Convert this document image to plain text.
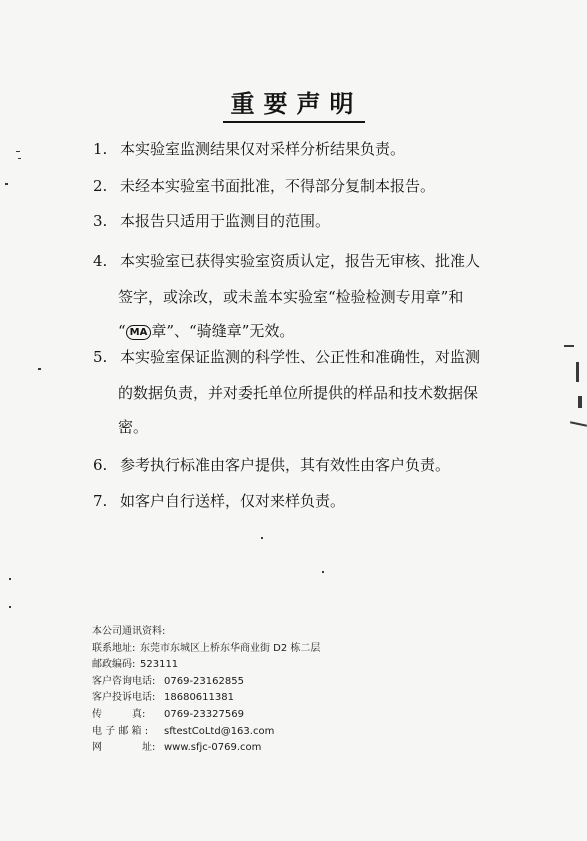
重要声明
1. 本实验室监测结果仅对采样分析结果负责。
2. 未经本实验室书面批准，不得部分复制本报告。
3. 本报告只适用于监测目的范围。
4. 本实验室已获得实验室资质认定，报告无审核、批准人
签字，或涂改，或未盖本实验室“检验检测专用章”和
“ MA 章”、“骑缝章”无效。
5. 本实验室保证监测的科学性、公正性和准确性，对监测
的数据负责，并对委托单位所提供的样品和技术数据保
密。
6. 参考执行标准由客户提供，其有效性由客户负责。
7. 如客户自行送样，仅对来样负责。
本公司通讯资料:
联系地址: 东莞市东城区上桥东华商业街 D2 栋二层
邮政编码: 523111
客户咨询电话: 0769-23162855
客户投诉电话: 18680611381
传　　　真: 0769-23327569
电 子 邮 箱 : sftestCoLtd@163.com
网　　　　址: www.sfjc-0769.com
